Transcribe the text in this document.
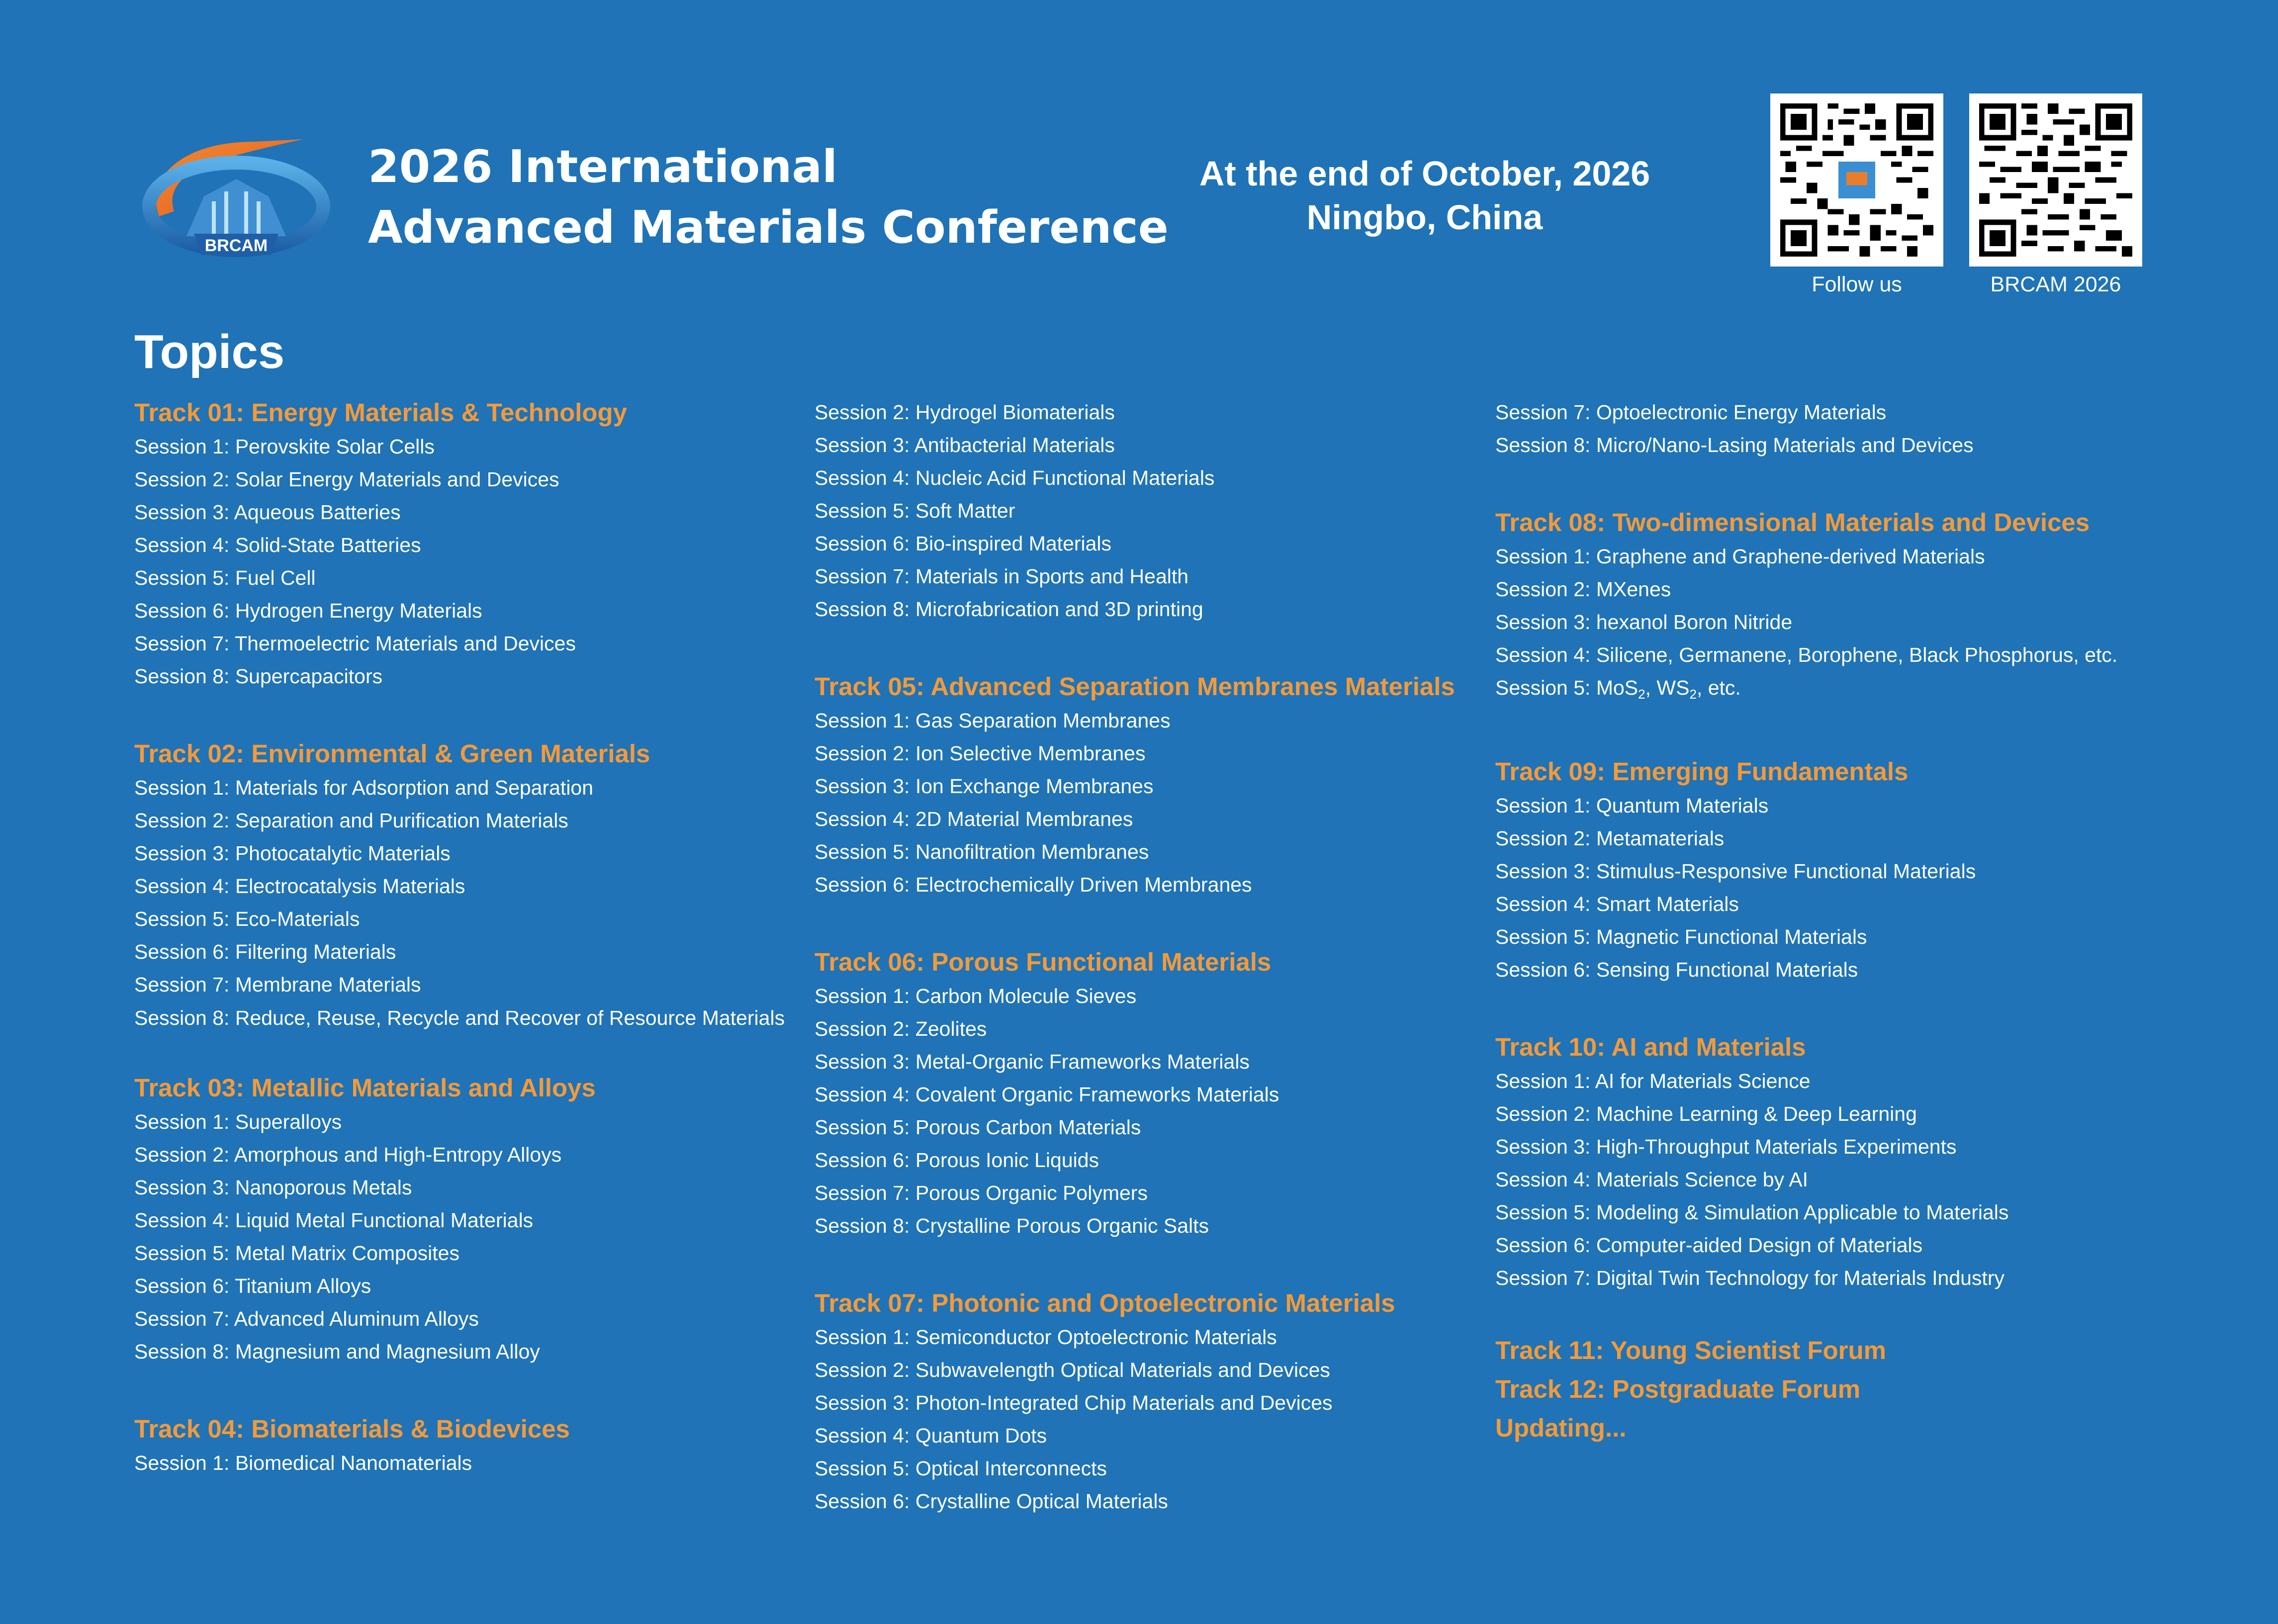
BRCAM
2026 International
Advanced Materials Conference
At the end of October, 2026
Ningbo, China
Follow us	BRCAM 2026
Topics
Track 01: Energy Materials & Technology
Session 1: Perovskite Solar Cells
Session 2: Solar Energy Materials and Devices
Session 3: Aqueous Batteries
Session 4: Solid-State Batteries
Session 5: Fuel Cell
Session 6: Hydrogen Energy Materials
Session 7: Thermoelectric Materials and Devices
Session 8: Supercapacitors
Track 02: Environmental & Green Materials
Session 1: Materials for Adsorption and Separation
Session 2: Separation and Purification Materials
Session 3: Photocatalytic Materials
Session 4: Electrocatalysis Materials
Session 5: Eco-Materials
Session 6: Filtering Materials
Session 7: Membrane Materials
Session 8: Reduce, Reuse, Recycle and Recover of Resource Materials
Track 03: Metallic Materials and Alloys
Session 1: Superalloys
Session 2: Amorphous and High-Entropy Alloys
Session 3: Nanoporous Metals
Session 4: Liquid Metal Functional Materials
Session 5: Metal Matrix Composites
Session 6: Titanium Alloys
Session 7: Advanced Aluminum Alloys
Session 8: Magnesium and Magnesium Alloy
Track 04: Biomaterials & Biodevices
Session 1: Biomedical Nanomaterials
Session 2: Hydrogel Biomaterials
Session 3: Antibacterial Materials
Session 4: Nucleic Acid Functional Materials
Session 5: Soft Matter
Session 6: Bio-inspired Materials
Session 7: Materials in Sports and Health
Session 8: Microfabrication and 3D printing
Track 05: Advanced Separation Membranes Materials
Session 1: Gas Separation Membranes
Session 2: Ion Selective Membranes
Session 3: Ion Exchange Membranes
Session 4: 2D Material Membranes
Session 5: Nanofiltration Membranes
Session 6: Electrochemically Driven Membranes
Track 06: Porous Functional Materials
Session 1: Carbon Molecule Sieves
Session 2: Zeolites
Session 3: Metal-Organic Frameworks Materials
Session 4: Covalent Organic Frameworks Materials
Session 5: Porous Carbon Materials
Session 6: Porous Ionic Liquids
Session 7: Porous Organic Polymers
Session 8: Crystalline Porous Organic Salts
Track 07: Photonic and Optoelectronic Materials
Session 1: Semiconductor Optoelectronic Materials
Session 2: Subwavelength Optical Materials and Devices
Session 3: Photon-Integrated Chip Materials and Devices
Session 4: Quantum Dots
Session 5: Optical Interconnects
Session 6: Crystalline Optical Materials
Session 7: Optoelectronic Energy Materials
Session 8: Micro/Nano-Lasing Materials and Devices
Track 08: Two-dimensional Materials and Devices
Session 1: Graphene and Graphene-derived Materials
Session 2: MXenes
Session 3: hexanol Boron Nitride
Session 4: Silicene, Germanene, Borophene, Black Phosphorus, etc.
Session 5: MoS$_2$, $WS_2$, etc.
Track 09: Emerging Fundamentals
Session 1: Quantum Materials
Session 2: Metamaterials
Session 3: Stimulus-Responsive Functional Materials
Session 4: Smart Materials
Session 5: Magnetic Functional Materials
Session 6: Sensing Functional Materials
Track 10: AI and Materials
Session 1: AI for Materials Science
Session 2: Machine Learning & Deep Learning
Session 3: High-Throughput Materials Experiments
Session 4: Materials Science by AI
Session 5: Modeling & Simulation Applicable to Materials
Session 6: Computer-aided Design of Materials
Session 7: Digital Twin Technology for Materials Industry
Track 11: Young Scientist Forum
Track 12: Postgraduate Forum
Updating...
